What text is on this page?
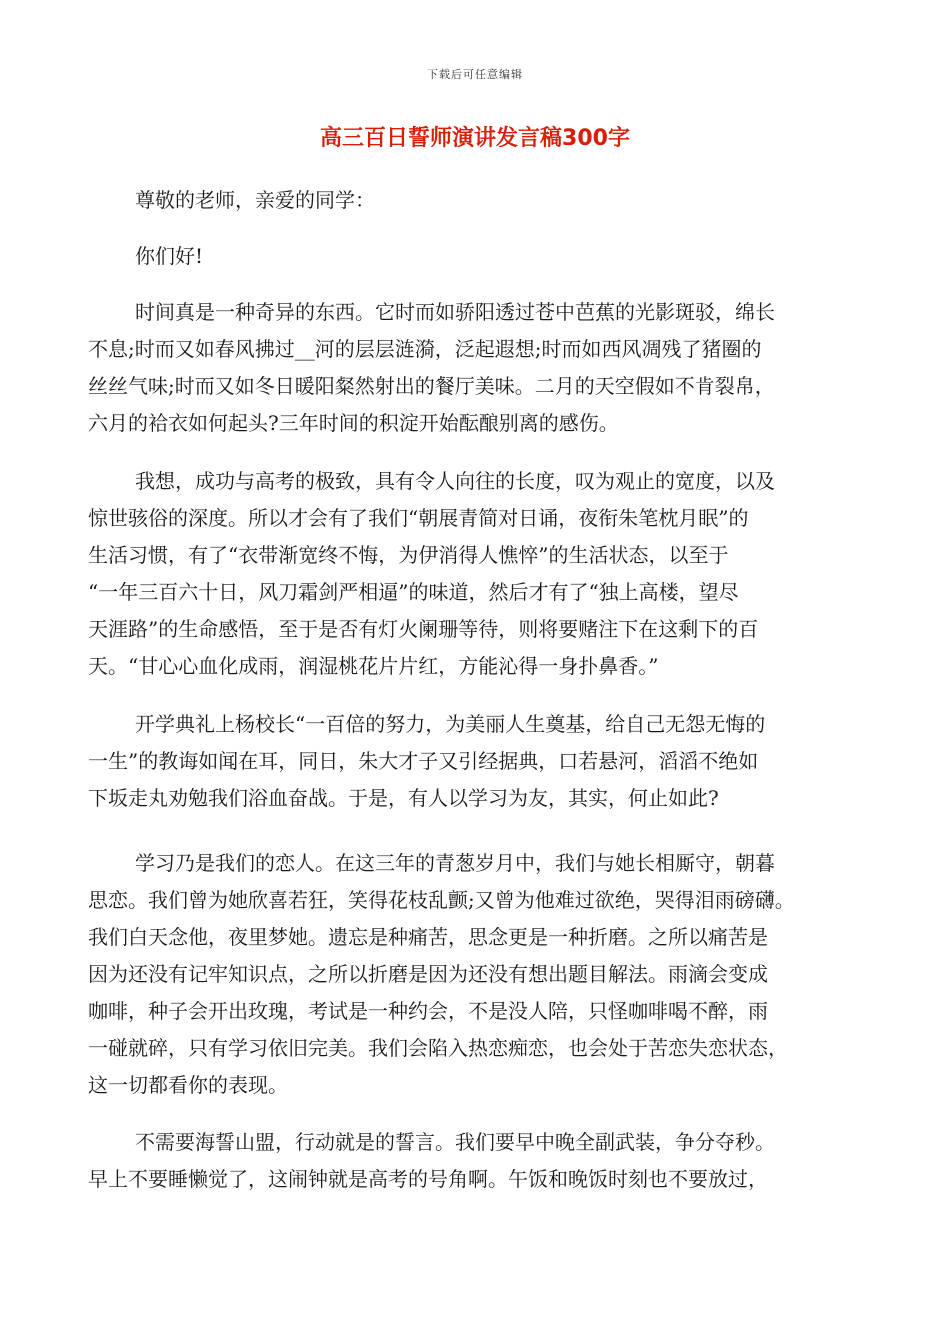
下载后可任意编辑
高三百日誓师演讲发言稿300字
尊敬的老师，亲爱的同学：
你们好!
时间真是一种奇异的东西。它时而如骄阳透过苍中芭蕉的光影斑驳，绵长
不息;时而又如春风拂过__河的层层涟漪，泛起遐想;时而如西风凋残了猪圈的
丝丝气味;时而又如冬日暖阳粲然射出的餐厅美味。二月的天空假如不肯裂帛，
六月的袷衣如何起头?三年时间的积淀开始酝酿别离的感伤。
我想，成功与高考的极致，具有令人向往的长度，叹为观止的宽度，以及
惊世骇俗的深度。所以才会有了我们“朝展青简对日诵，夜衔朱笔枕月眠”的
生活习惯，有了“衣带渐宽终不悔，为伊消得人憔悴”的生活状态，以至于
“一年三百六十日，风刀霜剑严相逼”的味道，然后才有了“独上高楼，望尽
天涯路”的生命感悟，至于是否有灯火阑珊等待，则将要赌注下在这剩下的百
天。“甘心心血化成雨，润湿桃花片片红，方能沁得一身扑鼻香。”
开学典礼上杨校长“一百倍的努力，为美丽人生奠基，给自己无怨无悔的
一生”的教诲如闻在耳，同日，朱大才子又引经据典，口若悬河，滔滔不绝如
下坂走丸劝勉我们浴血奋战。于是，有人以学习为友，其实，何止如此?
学习乃是我们的恋人。在这三年的青葱岁月中，我们与她长相厮守，朝暮
思恋。我们曾为她欣喜若狂，笑得花枝乱颤;又曾为他难过欲绝，哭得泪雨磅礴。
我们白天念他，夜里梦她。遗忘是种痛苦，思念更是一种折磨。之所以痛苦是
因为还没有记牢知识点，之所以折磨是因为还没有想出题目解法。雨滴会变成
咖啡，种子会开出玫瑰，考试是一种约会，不是没人陪，只怪咖啡喝不醉，雨
一碰就碎，只有学习依旧完美。我们会陷入热恋痴恋，也会处于苦恋失恋状态，
这一切都看你的表现。
不需要海誓山盟，行动就是的誓言。我们要早中晚全副武装，争分夺秒。
早上不要睡懒觉了，这闹钟就是高考的号角啊。午饭和晚饭时刻也不要放过，
